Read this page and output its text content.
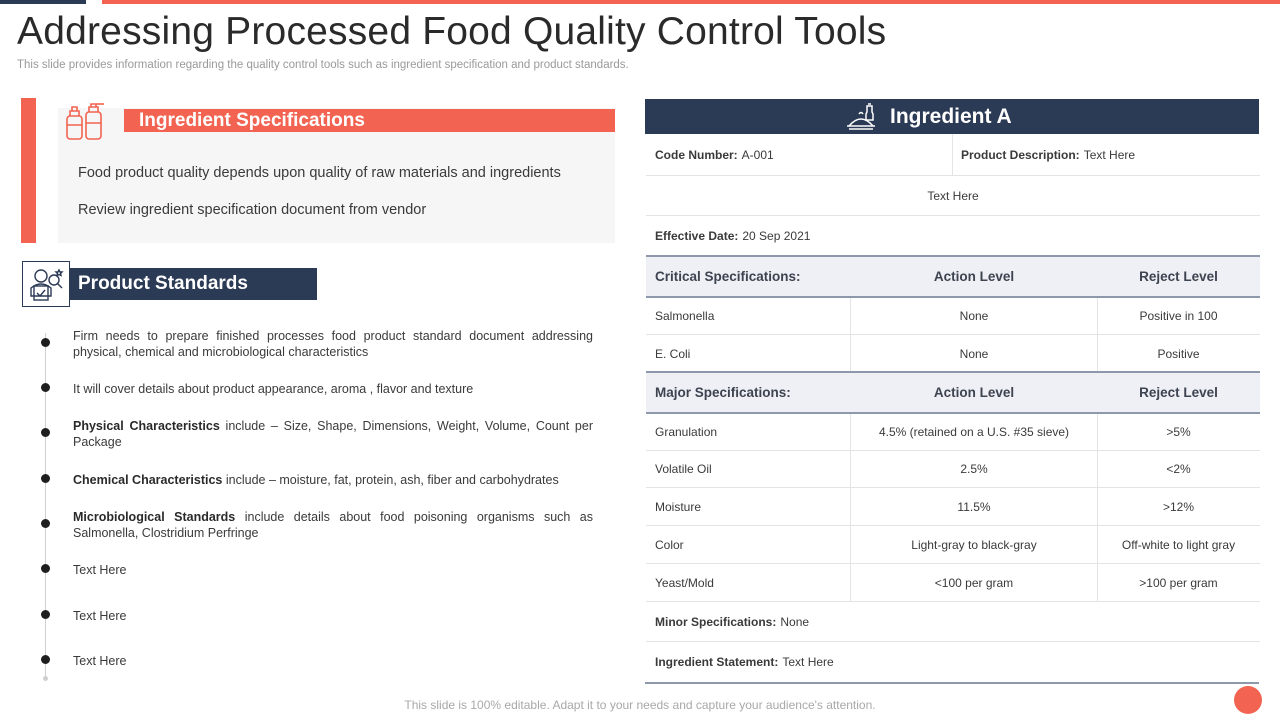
Addressing Processed Food Quality Control Tools
This slide provides information regarding the quality control tools such as ingredient specification and product standards.
Ingredient Specifications
Food product quality depends upon quality of raw materials and ingredients
Review ingredient specification document from vendor
Product Standards
Firm needs to prepare finished processes food product standard document addressing physical, chemical and microbiological characteristics
It will cover details about product appearance, aroma , flavor and texture
Physical Characteristics include – Size, Shape, Dimensions, Weight, Volume, Count per Package
Chemical Characteristics include – moisture, fat, protein, ash, fiber and carbohydrates
Microbiological Standards include details about food poisoning organisms such as Salmonella, Clostridium Perfringe
Text Here
Text Here
Text Here
Ingredient A
Code Number: A-001	Product Description: Text Here
Text Here
Effective Date: 20 Sep 2021
Critical Specifications:	Action Level	Reject Level
Salmonella	None	Positive in 100
E. Coli	None	Positive
Major Specifications:	Action Level	Reject Level
Granulation	4.5% (retained on a U.S. #35 sieve)	>5%
Volatile Oil	2.5%	<2%
Moisture	11.5%	>12%
Color	Light-gray to black-gray	Off-white to light gray
Yeast/Mold	<100 per gram	>100 per gram
Minor Specifications: None
Ingredient Statement: Text Here
This slide is 100% editable. Adapt it to your needs and capture your audience's attention.
